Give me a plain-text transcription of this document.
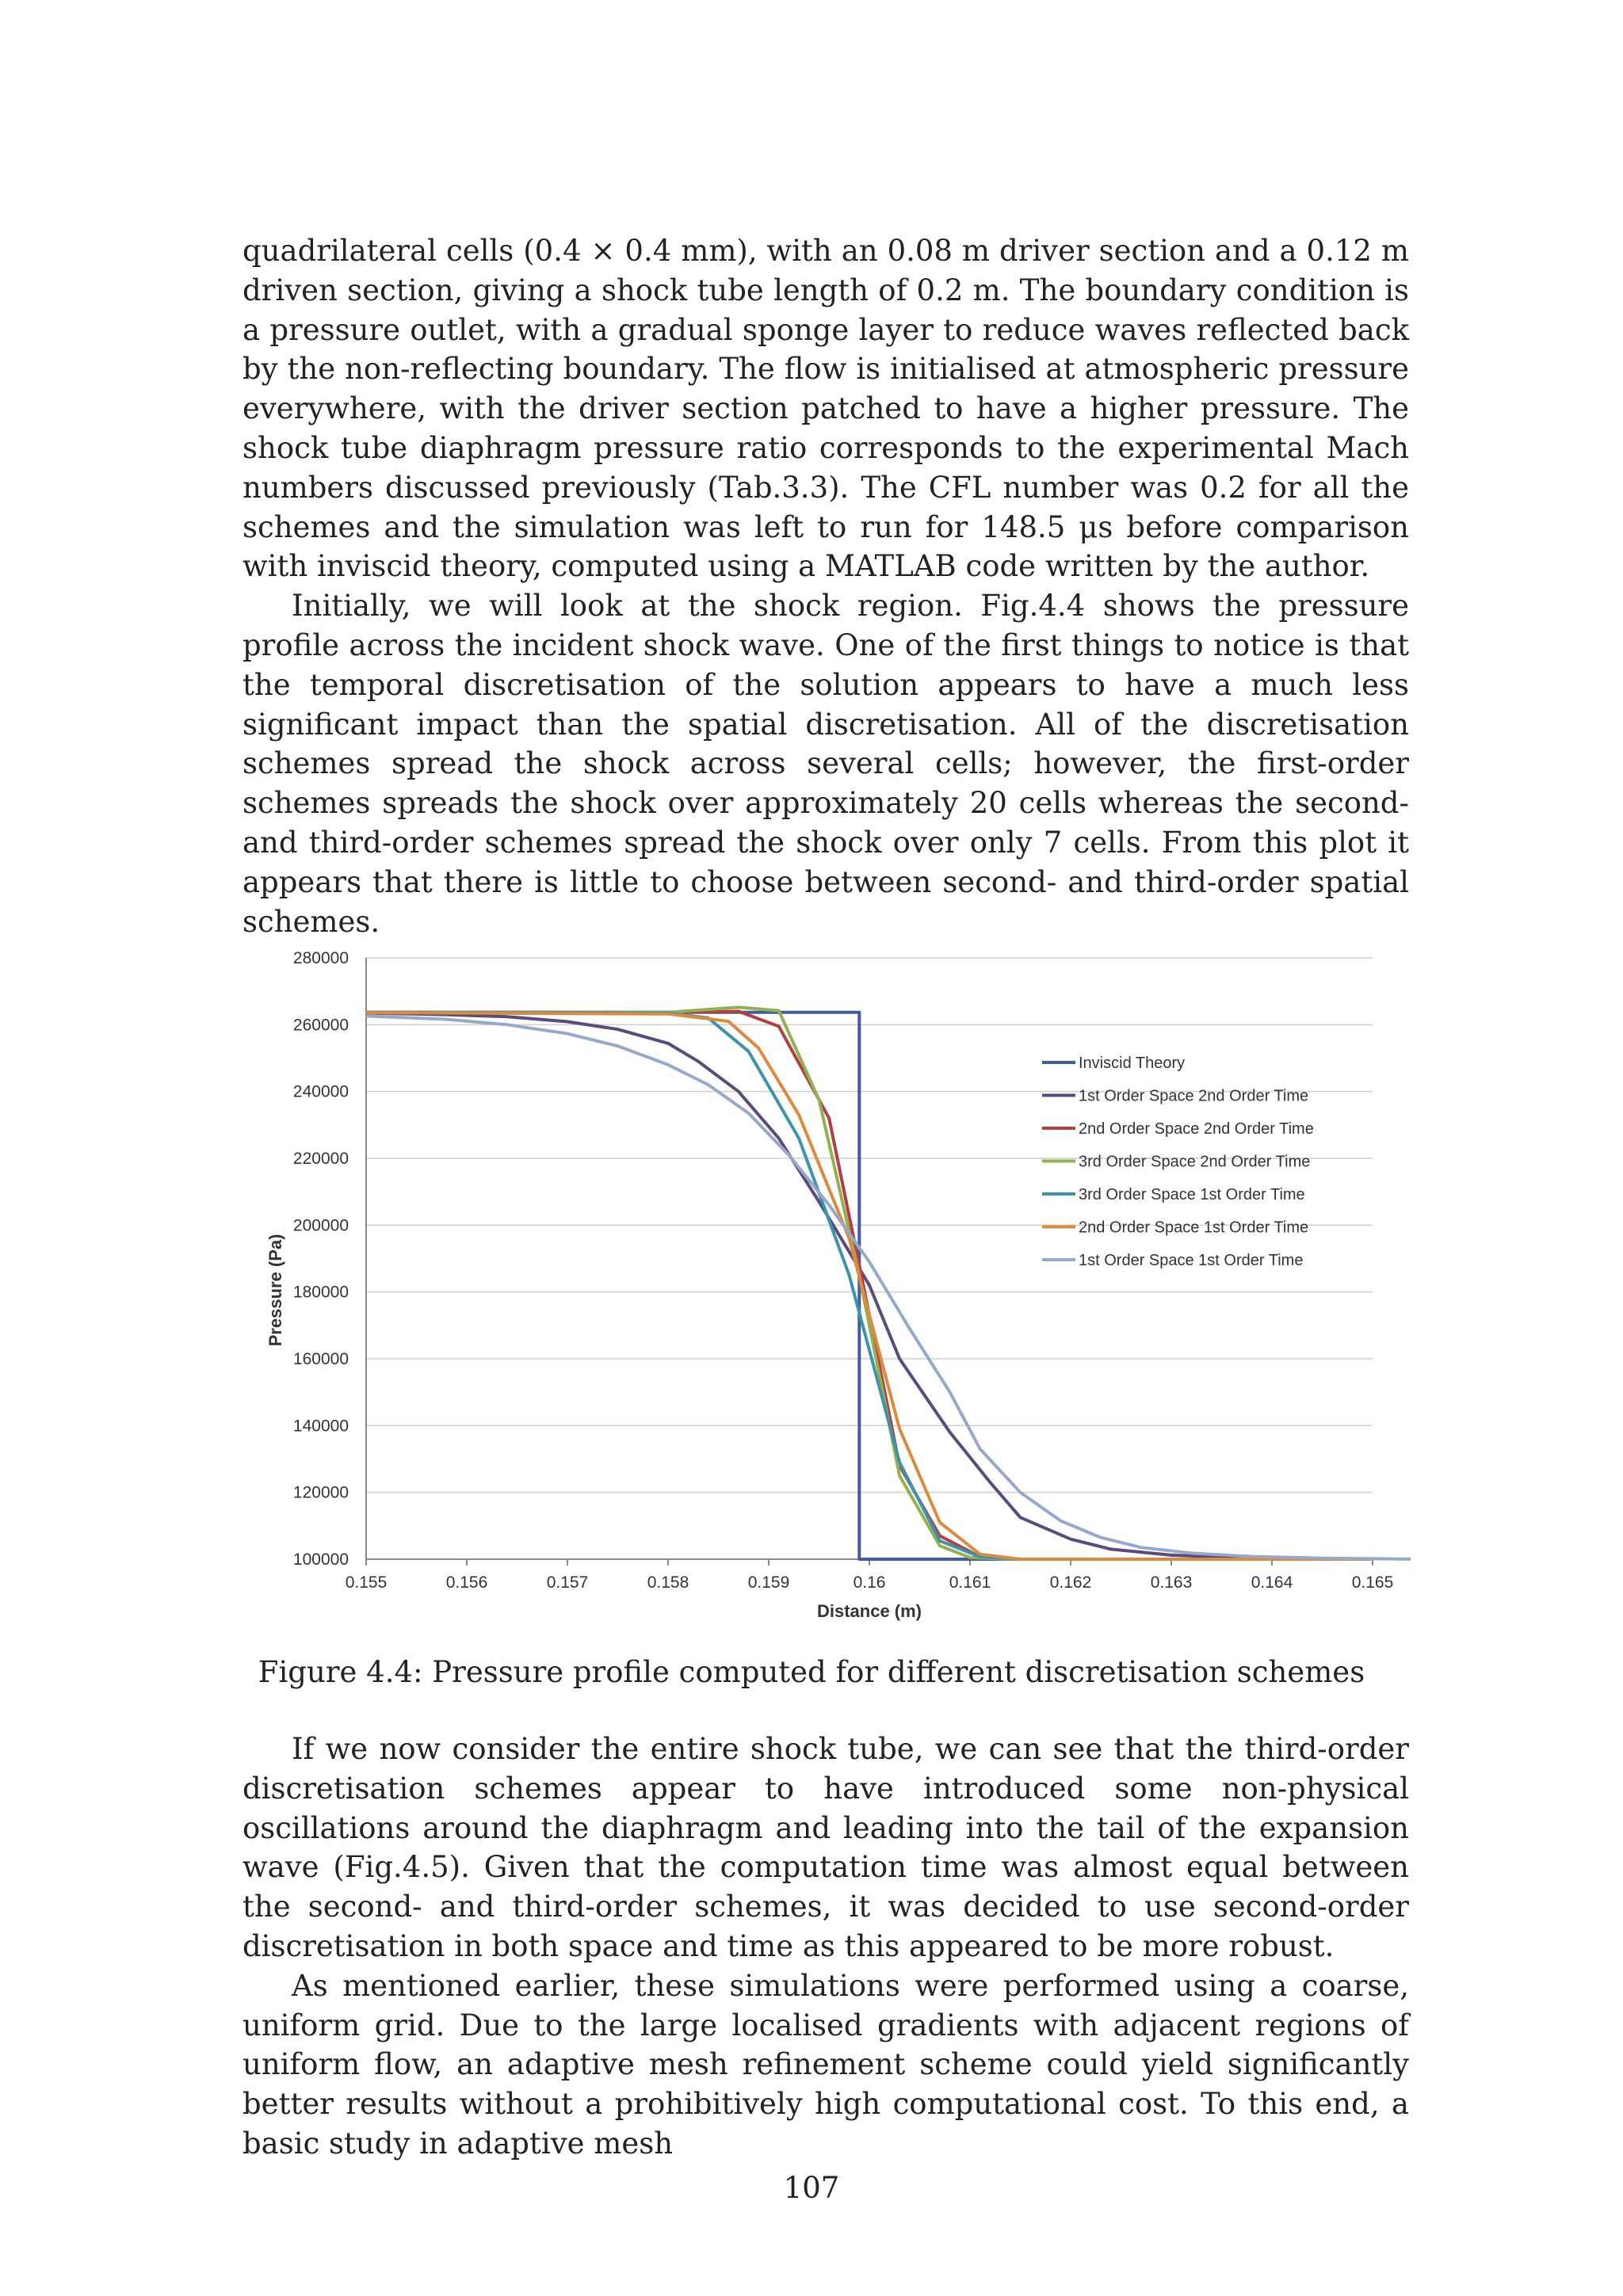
quadrilateral cells (0.4 × 0.4 mm), with an 0.08 m driver section and a 0.12 m driven section, giving a shock tube length of 0.2 m. The boundary condition is a pressure outlet, with a gradual sponge layer to reduce waves reflected back by the non-reflecting boundary. The flow is initialised at atmospheric pressure everywhere, with the driver section patched to have a higher pressure. The shock tube diaphragm pressure ratio corresponds to the experimental Mach numbers discussed previously (Tab.3.3). The CFL number was 0.2 for all the schemes and the simulation was left to run for 148.5 μs before comparison with inviscid theory, computed using a MATLAB code written by the author.

Initially, we will look at the shock region. Fig.4.4 shows the pressure profile across the incident shock wave. One of the first things to notice is that the temporal discretisation of the solution appears to have a much less significant impact than the spatial discretisation. All of the discretisation schemes spread the shock across several cells; however, the first-order schemes spreads the shock over approximately 20 cells whereas the second- and third-order schemes spread the shock over only 7 cells. From this plot it appears that there is little to choose between second- and third-order spatial schemes.

100000
120000
140000
160000
180000
200000
220000
240000
260000
280000
0.155	0.156	0.157	0.158	0.159	0.16	0.161	0.162	0.163	0.164	0.165
Distance (m)
Pressure (Pa)
Inviscid Theory
1st Order Space 2nd Order Time
2nd Order Space 2nd Order Time
3rd Order Space 2nd Order Time
3rd Order Space 1st Order Time
2nd Order Space 1st Order Time
1st Order Space 1st Order Time
Figure 4.4: Pressure profile computed for different discretisation schemes

If we now consider the entire shock tube, we can see that the third-order discretisation schemes appear to have introduced some non-physical oscillations around the diaphragm and leading into the tail of the expansion wave (Fig.4.5). Given that the computation time was almost equal between the second- and third-order schemes, it was decided to use second-order discretisation in both space and time as this appeared to be more robust.

As mentioned earlier, these simulations were performed using a coarse, uniform grid. Due to the large localised gradients with adjacent regions of uniform flow, an adaptive mesh refinement scheme could yield significantly better results without a prohibitively high computational cost. To this end, a basic study in adaptive mesh

107
